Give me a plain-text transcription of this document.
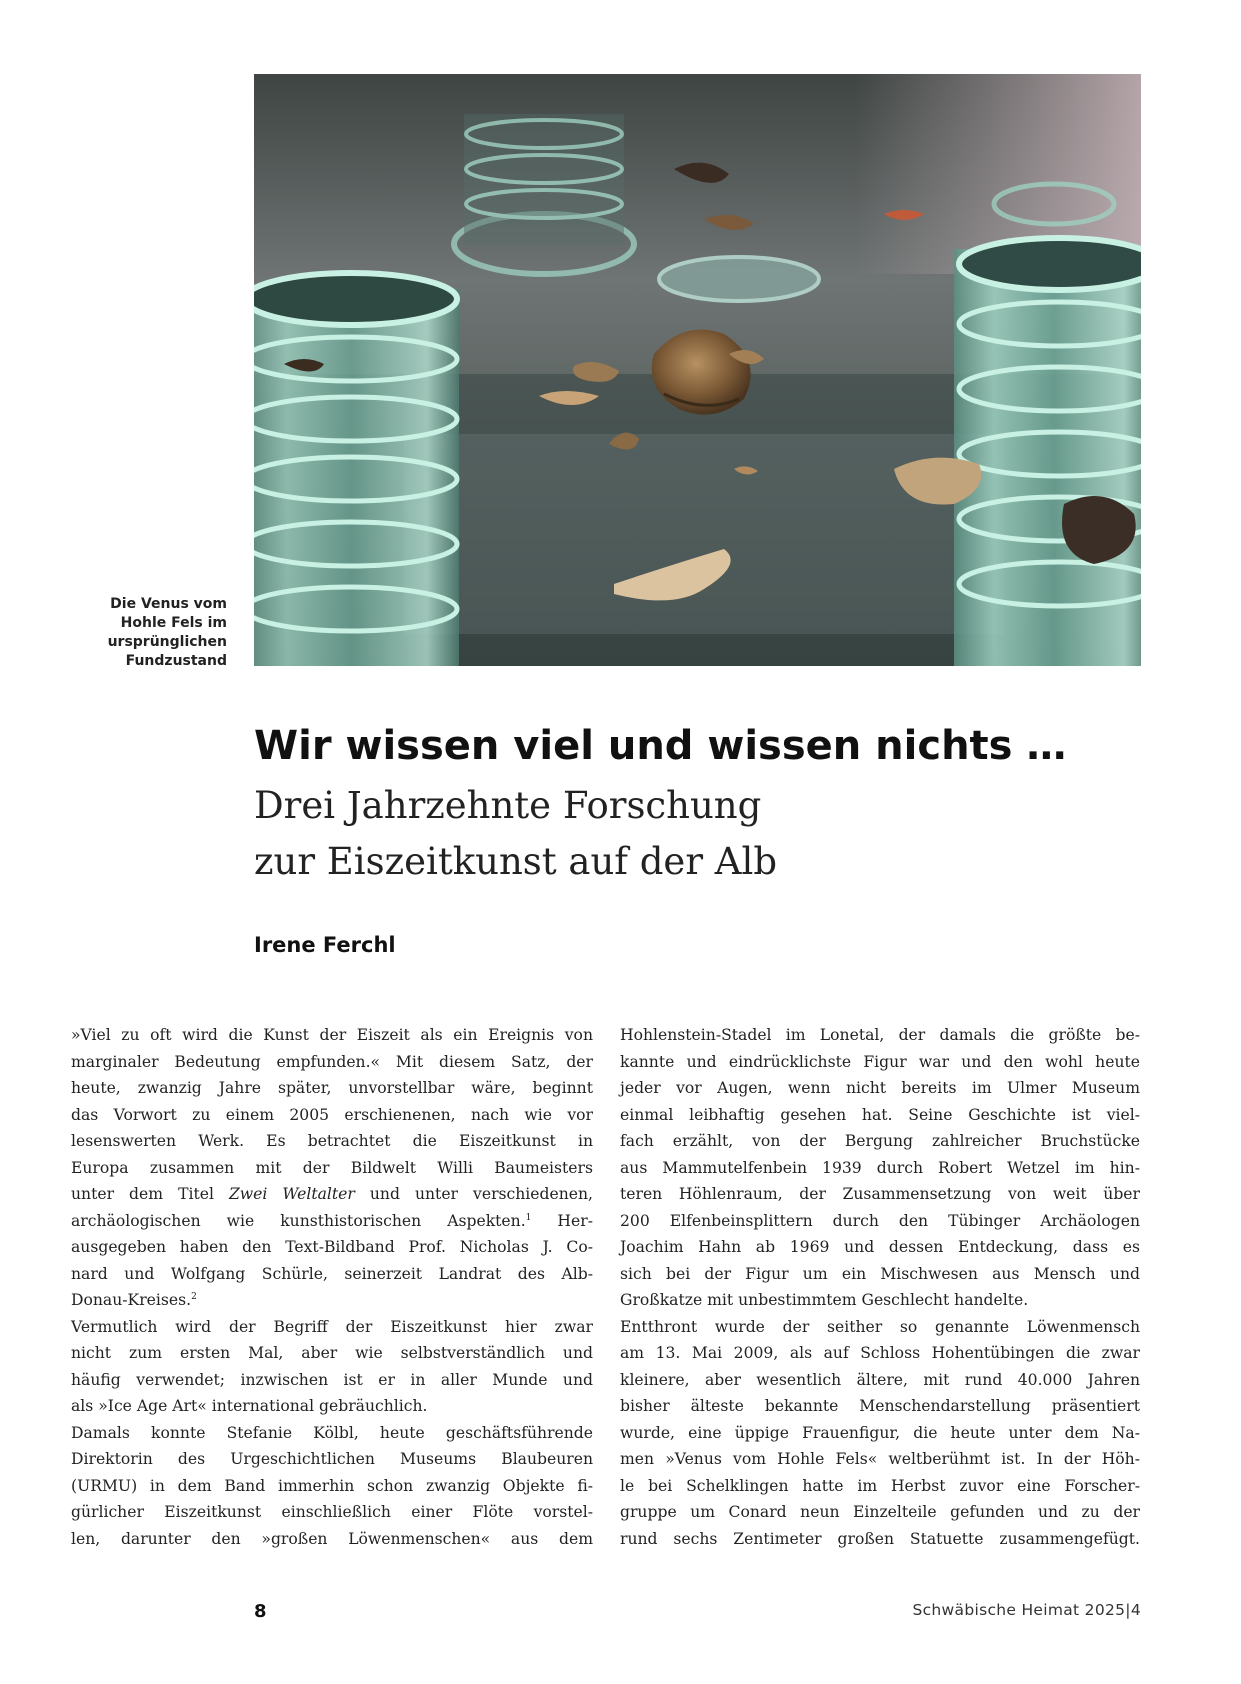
Die Venus vom
Hohle Fels im
ursprünglichen
Fundzustand
Wir wissen viel und wissen nichts …
Drei Jahrzehnte Forschung
zur Eiszeitkunst auf der Alb
Irene Ferchl

»Viel zu oft wird die Kunst der Eiszeit als ein Ereignis von
marginaler Bedeutung empfunden.« Mit diesem Satz, der
heute, zwanzig Jahre später, unvorstellbar wäre, beginnt
das Vorwort zu einem 2005 erschienenen, nach wie vor
lesenswerten Werk. Es betrachtet die Eiszeitkunst in
Europa zusammen mit der Bildwelt Willi Baumeisters
unter dem Titel Zwei Weltalter und unter verschiedenen,
archäologischen wie kunsthistorischen Aspekten.$^1$ Her-
ausgegeben haben den Text-Bildband Prof. Nicholas J. Co-
nard und Wolfgang Schürle, seinerzeit Landrat des Alb-
Donau-Kreises.$^2$

Vermutlich wird der Begriff der Eiszeitkunst hier zwar
nicht zum ersten Mal, aber wie selbstverständlich und
häufig verwendet; inzwischen ist er in aller Munde und
als »Ice Age Art« international gebräuchlich.

Damals konnte Stefanie Kölbl, heute geschäftsführende
Direktorin des Urgeschichtlichen Museums Blaubeuren
(URMU) in dem Band immerhin schon zwanzig Objekte fi-
gürlicher Eiszeitkunst einschließlich einer Flöte vorstel-
len, darunter den »großen Löwenmenschen« aus dem

Hohlenstein-Stadel im Lonetal, der damals die größte be-
kannte und eindrücklichste Figur war und den wohl heute
jeder vor Augen, wenn nicht bereits im Ulmer Museum
einmal leibhaftig gesehen hat. Seine Geschichte ist viel-
fach erzählt, von der Bergung zahlreicher Bruchstücke
aus Mammutelfenbein 1939 durch Robert Wetzel im hin-
teren Höhlenraum, der Zusammensetzung von weit über
200 Elfenbeinsplittern durch den Tübinger Archäologen
Joachim Hahn ab 1969 und dessen Entdeckung, dass es
sich bei der Figur um ein Mischwesen aus Mensch und
Großkatze mit unbestimmtem Geschlecht handelte.

Entthront wurde der seither so genannte Löwenmensch
am 13. Mai 2009, als auf Schloss Hohentübingen die zwar
kleinere, aber wesentlich ältere, mit rund 40.000 Jahren
bisher älteste bekannte Menschendarstellung präsentiert
wurde, eine üppige Frauenfigur, die heute unter dem Na-
men »Venus vom Hohle Fels« weltberühmt ist. In der Höh-
le bei Schelklingen hatte im Herbst zuvor eine Forscher-
gruppe um Conard neun Einzelteile gefunden und zu der
rund sechs Zentimeter großen Statuette zusammengefügt.

8	Schwäbische Heimat 2025|4
